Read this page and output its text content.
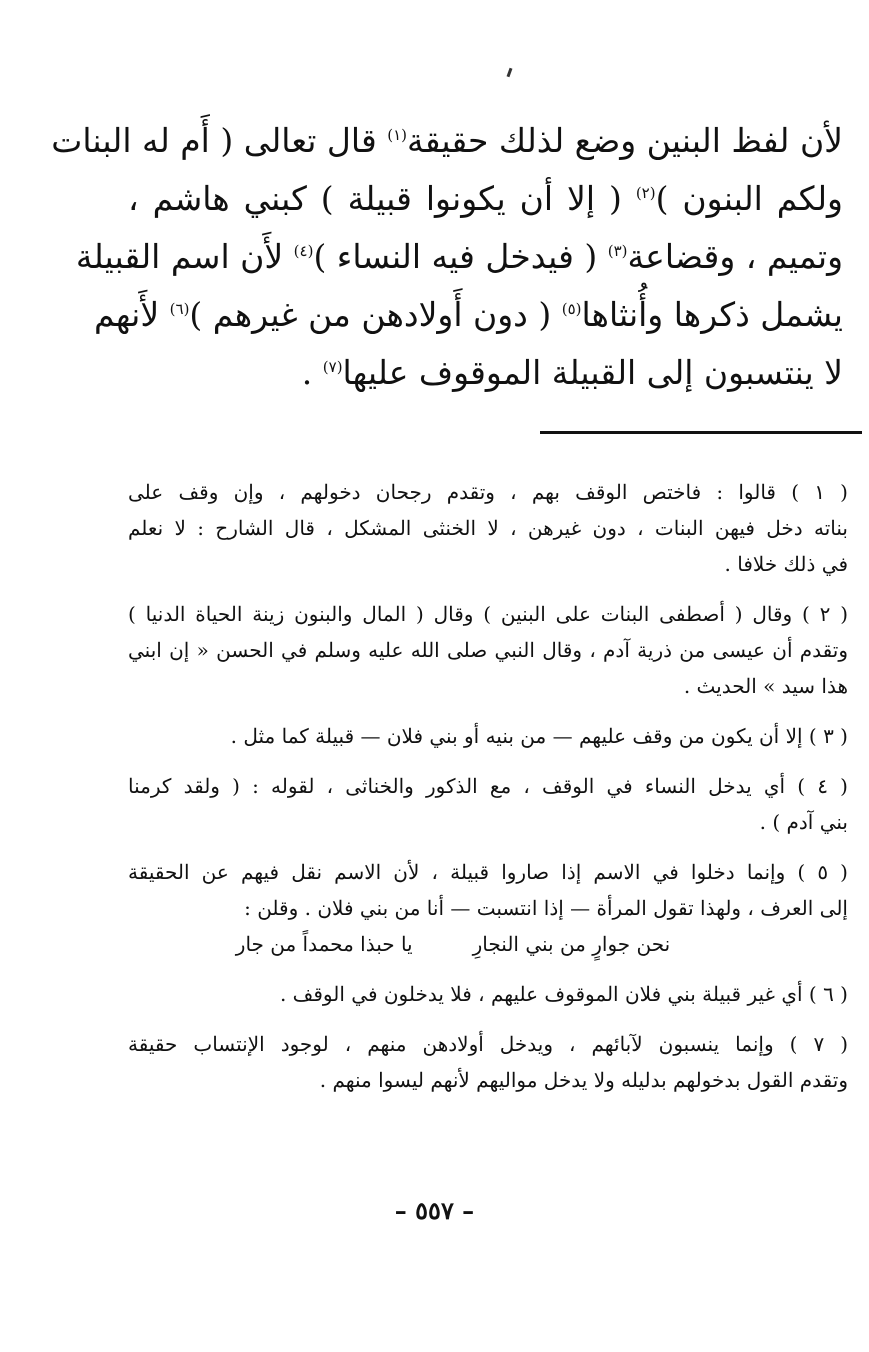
لأن لفظ البنين وضع لذلك حقيقة$^{(١)}$ قال تعالى ( أَم له البنات
ولكم البنون )$^{(٢)}$ ( إلا أن يكونوا قبيلة ) كبني هاشم ،
وتميم ، وقضاعة$^{(٣)}$ ( فيدخل فيه النساء )$^{(٤)}$ لأَن اسم القبيلة
يشمل ذكرها وأُنثاها$^{(٥)}$ ( دون أَولادهن من غيرهم )$^{(٦)}$ لأَنهم
لا ينتسبون إلى القبيلة الموقوف عليها$^{(٧)}$ .
( ١ ) قالوا : فاختص الوقف بهم ، وتقدم رجحان دخولهم ، وإن وقف على
بناته دخل فيهن البنات ، دون غيرهن ، لا الخنثى المشكل ، قال الشارح : لا نعلم
في ذلك خلافا .
( ٢ ) وقال ( أصطفى البنات على البنين ) وقال ( المال والبنون زينة الحياة الدنيا )
وتقدم أن عيسى من ذرية آدم ، وقال النبي صلى الله عليه وسلم في الحسن « إن ابني
هذا سيد » الحديث .
( ٣ ) إلا أن يكون من وقف عليهم — من بنيه أو بني فلان — قبيلة كما مثل .
( ٤ ) أي يدخل النساء في الوقف ، مع الذكور والخناثى ، لقوله : ( ولقد كرمنا
بني آدم ) .
( ٥ ) وإنما دخلوا في الاسم إذا صاروا قبيلة ، لأن الاسم نقل فيهم عن الحقيقة
إلى العرف ، ولهذا تقول المرأة — إذا انتسبت — أنا من بني فلان . وقلن :
نحن جوارٍ من بني النجارِ
يا حبذا محمداً من جار
( ٦ ) أي غير قبيلة بني فلان الموقوف عليهم ، فلا يدخلون في الوقف .
( ٧ ) وإنما ينسبون لآبائهم ، ويدخل أولادهن منهم ، لوجود الإنتساب حقيقة
وتقدم القول بدخولهم بدليله ولا يدخل مواليهم لأنهم ليسوا منهم .
– ٥٥٧ –
